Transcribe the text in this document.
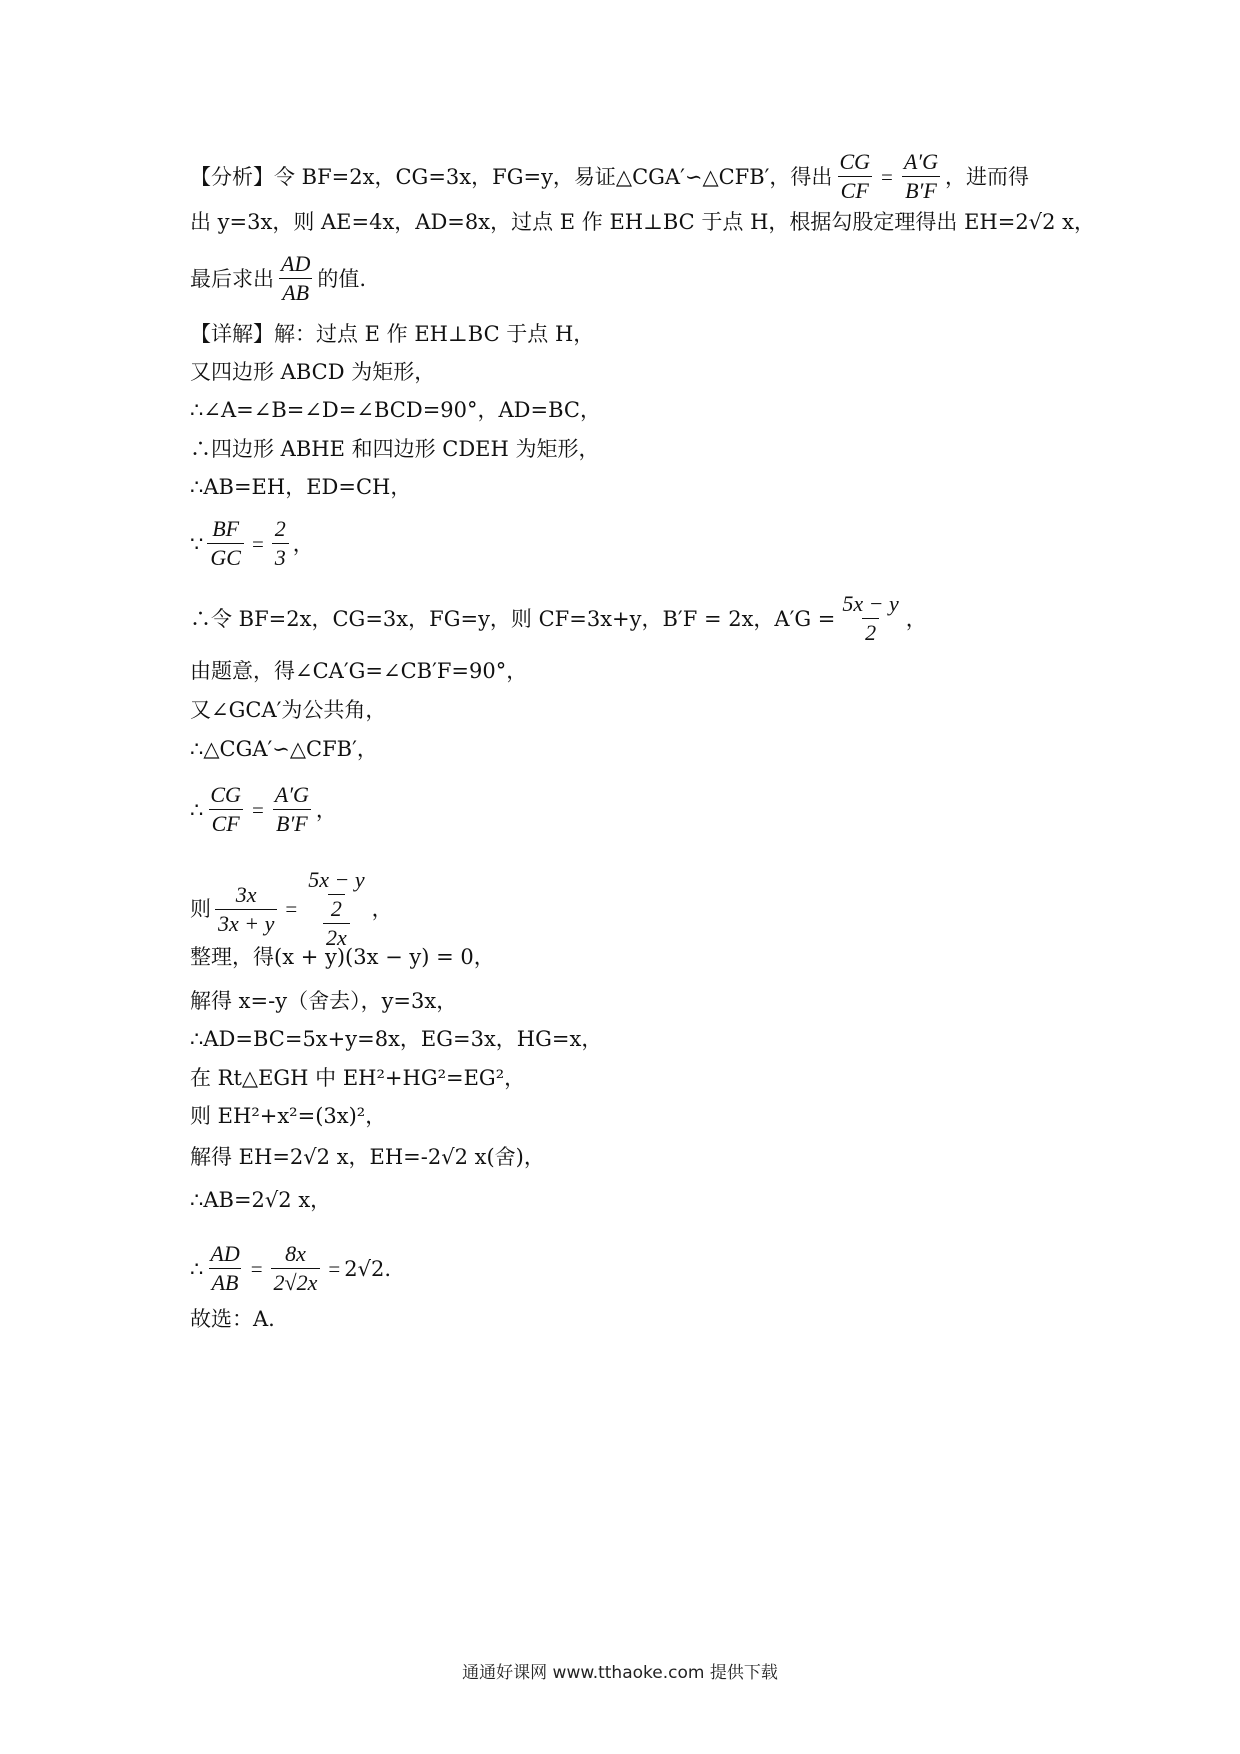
【分析】 令 BF=2x，CG=3x，FG=y，易证△CGA′∽△CFB′，得出 $\frac{CG}{CF} = \frac{A'G}{B'F}$ ，进而得
出 y=3x，则 AE=4x，AD=8x，过点 E 作 EH⊥BC 于点 H，根据勾股定理得出 EH=2√2 x，
最后求出 $\frac{AD}{AB}$ 的值.
【详解】 解：过点 E 作 EH⊥BC 于点 H，
又四边形 ABCD 为矩形，
∴∠A=∠B=∠D=∠BCD=90°，AD=BC，
∴四边形 ABHE 和四边形 CDEH 为矩形，
∴AB=EH，ED=CH，
∵ $\frac{BF}{GC} = \frac{2}{3}$ ，
∴令 BF=2x，CG=3x，FG=y，则 CF=3x+y，B′F = 2x，$A'G = \frac{5x - y}{2}$ ，
由题意，得∠CA′G=∠CB′F=90°，
又∠GCA′为公共角，
∴△CGA′∽△CFB′，
∴ $\frac{CG}{CF} = \frac{A'G}{B'F}$ ，
则 $\frac{3x}{3x + y} = \frac{\frac{5x - y}{2}}{2x}$ ，
整理，得(x + y)(3x − y) = 0，
解得 x=-y（舍去），y=3x，
∴AD=BC=5x+y=8x，EG=3x，HG=x，
在 Rt△EGH 中 EH²+HG²=EG²，
则 EH²+x²=(3x)²，
解得 EH=2√2 x，EH=-2√2 x(舍)，
∴AB=2√2 x，
∴ $\frac{AD}{AB} = \frac{8x}{2√2x} = 2√2$ .
故选：A.
通通好课网 www.tthaoke.com 提供下载
